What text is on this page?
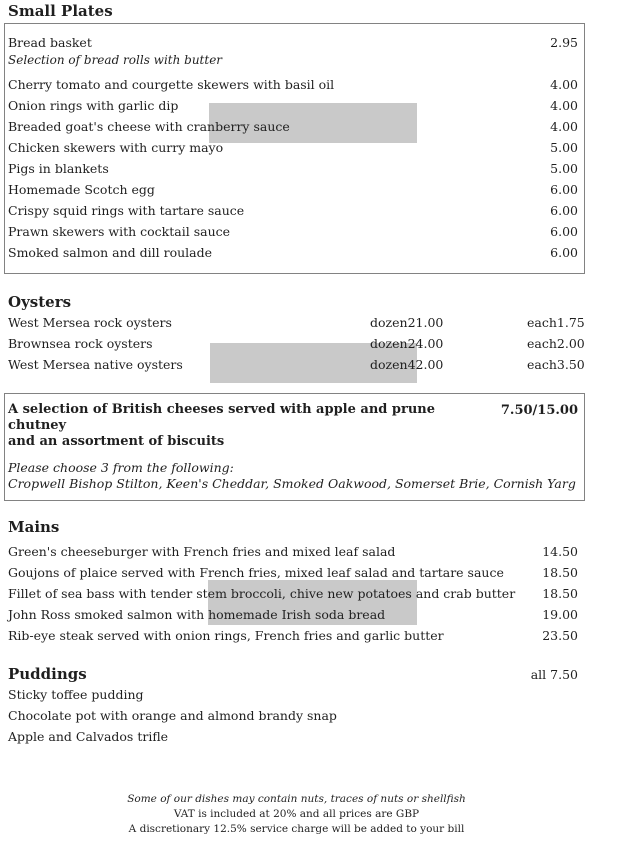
Small Plates
Bread basket	2.95
Selection of bread rolls with butter
Cherry tomato and courgette skewers with basil oil	4.00
Onion rings with garlic dip	4.00
Breaded goat's cheese with cranberry sauce	4.00
Chicken skewers with curry mayo	5.00
Pigs in blankets	5.00
Homemade Scotch egg	6.00
Crispy squid rings with tartare sauce	6.00
Prawn skewers with cocktail sauce	6.00
Smoked salmon and dill roulade	6.00
Oysters
West Mersea rock oysters	dozen 21.00	each 1.75
Brownsea rock oysters	dozen 24.00	each 2.00
West Mersea native oysters	dozen 42.00	each 3.50
A selection of British cheeses served with apple and prune chutney
and an assortment of biscuits
7.50/15.00
Please choose 3 from the following:
Cropwell Bishop Stilton, Keen's Cheddar, Smoked Oakwood, Somerset Brie, Cornish Yarg
Mains
Green's cheeseburger with French fries and mixed leaf salad	14.50
Goujons of plaice served with French fries, mixed leaf salad and tartare sauce	18.50
Fillet of sea bass with tender stem broccoli, chive new potatoes and crab butter 18.50
John Ross smoked salmon with homemade Irish soda bread	19.00
Rib-eye steak served with onion rings, French fries and garlic butter	23.50
Puddings	all 7.50
Sticky toffee pudding
Chocolate pot with orange and almond brandy snap
Apple and Calvados trifle
Some of our dishes may contain nuts, traces of nuts or shellfish
VAT is included at 20% and all prices are GBP
A discretionary 12.5% service charge will be added to your bill
